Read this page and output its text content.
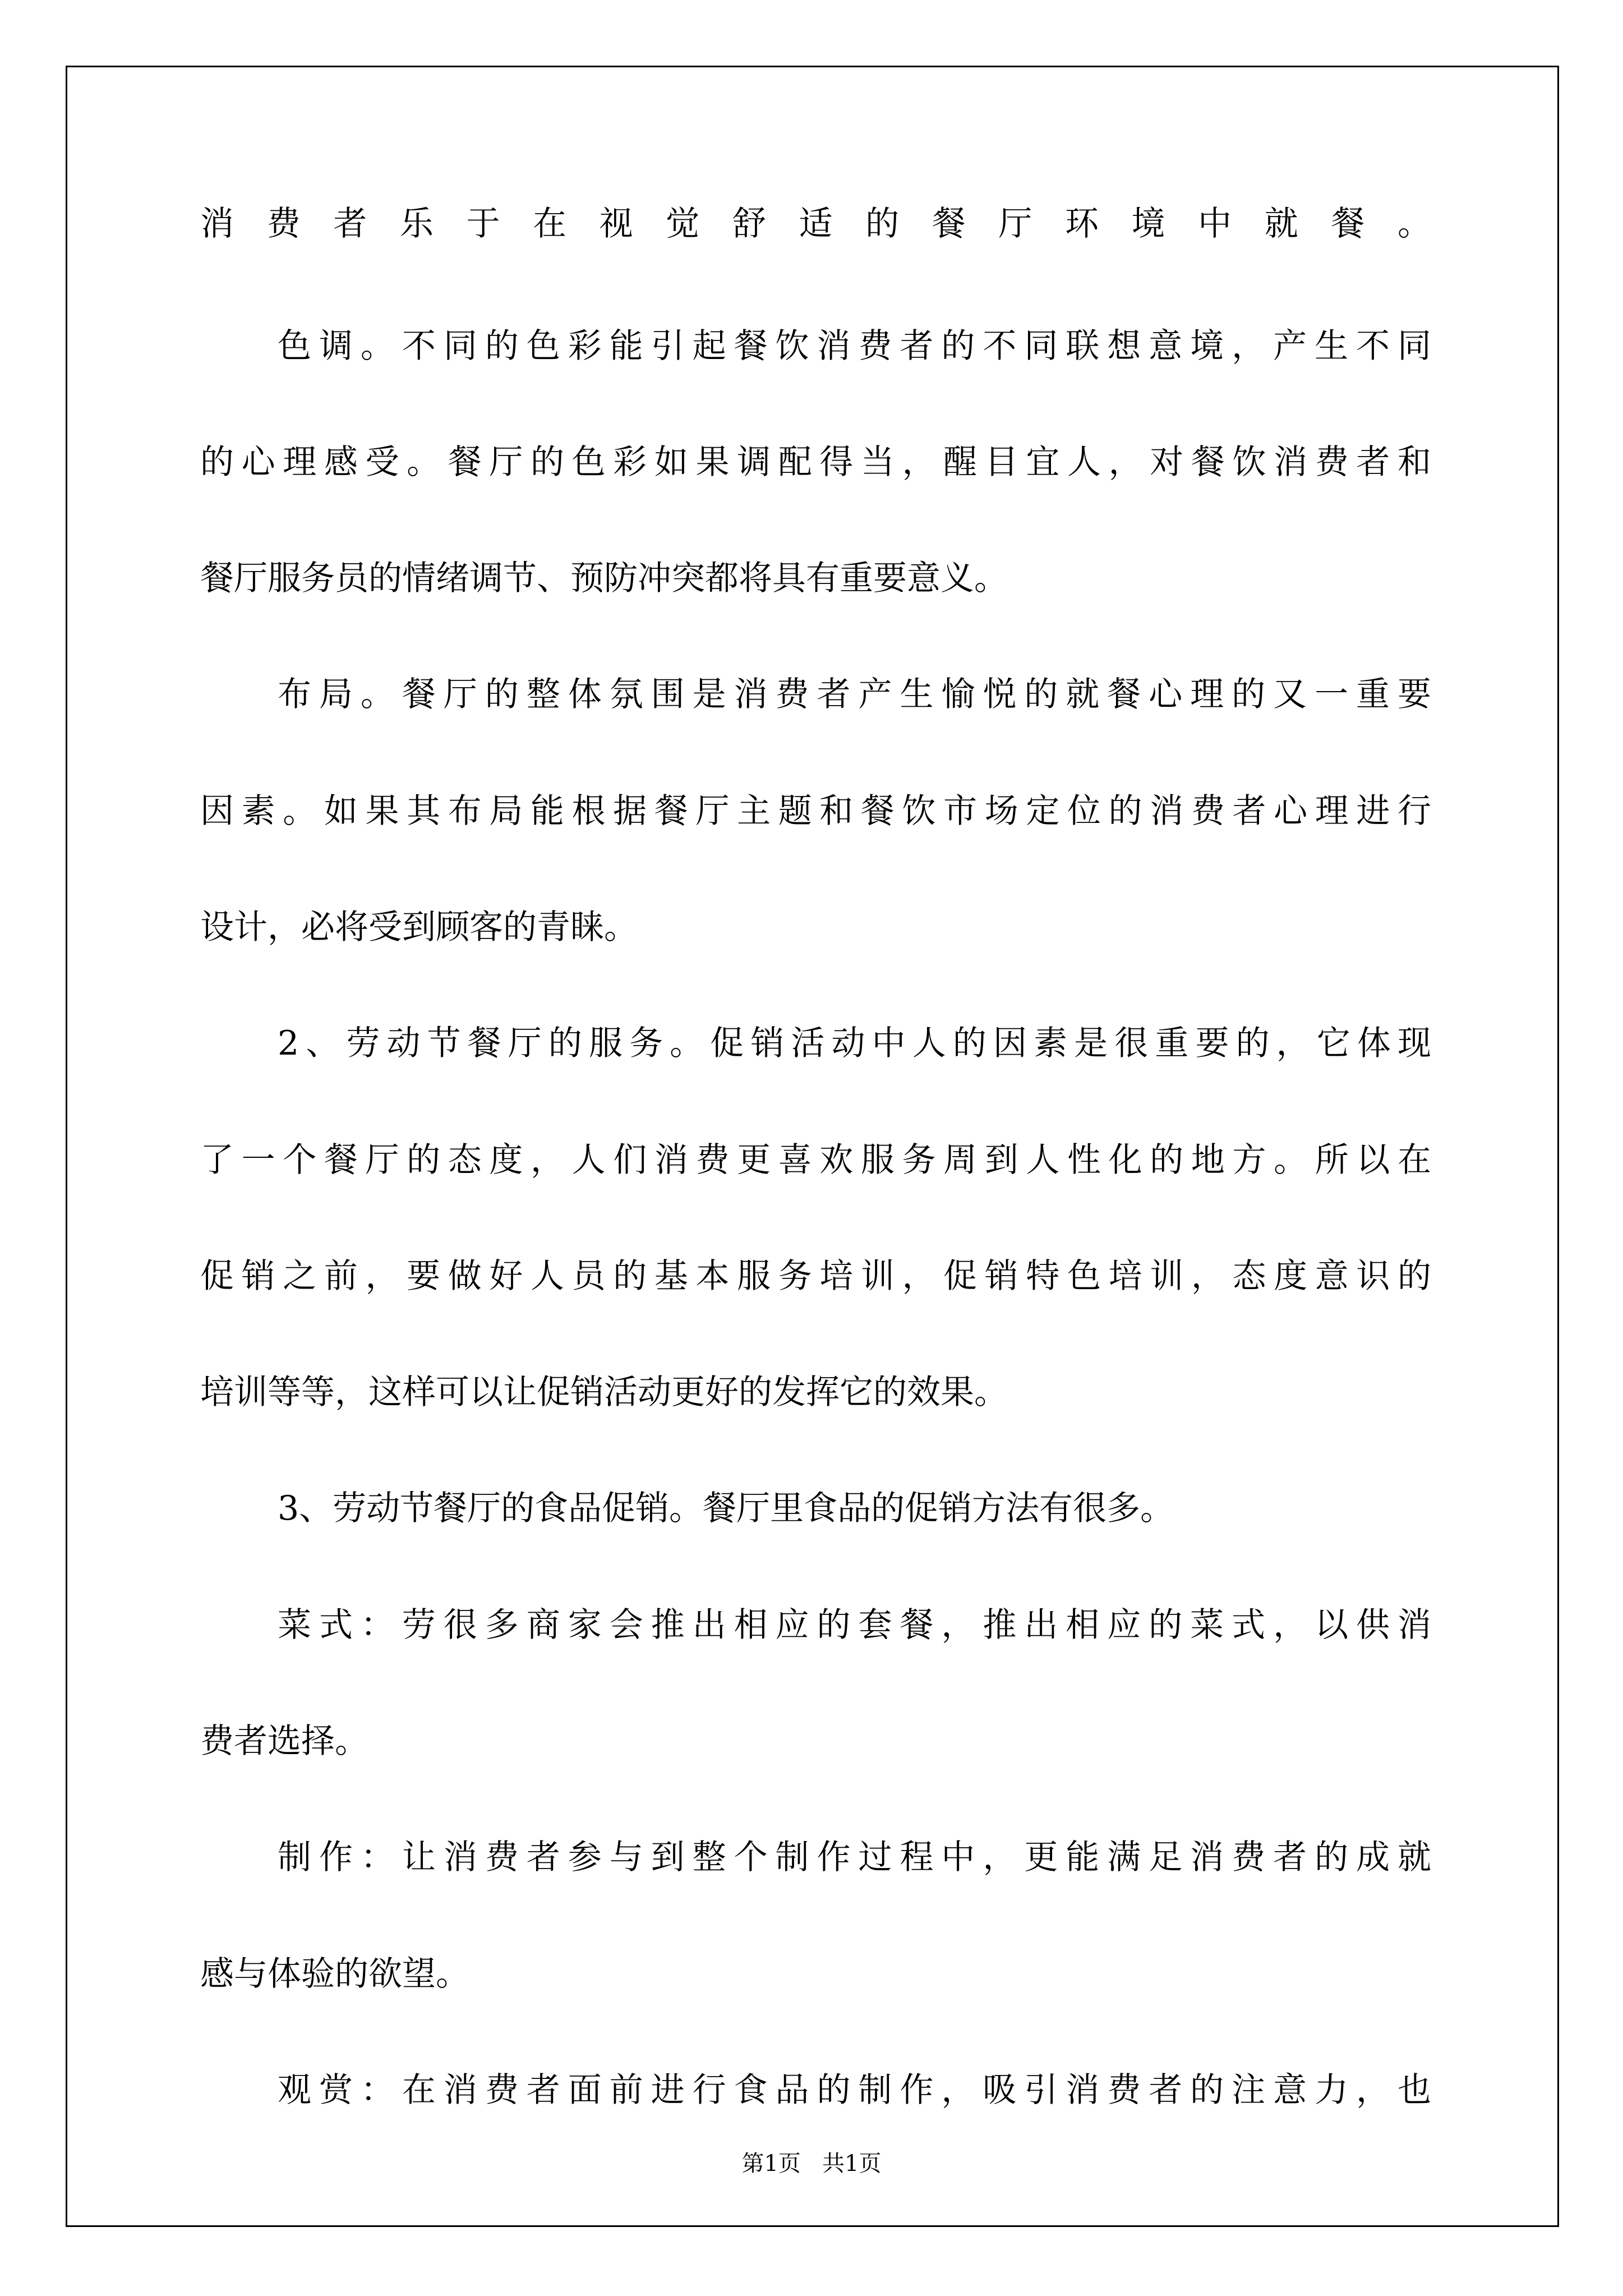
消费者乐于在视觉舒适的餐厅环境中就餐。
色调。不同的色彩能引起餐饮消费者的不同联想意境，产生不同
的心理感受。餐厅的色彩如果调配得当，醒目宜人，对餐饮消费者和
餐厅服务员的情绪调节、预防冲突都将具有重要意义。
布局。餐厅的整体氛围是消费者产生愉悦的就餐心理的又一重要
因素。如果其布局能根据餐厅主题和餐饮市场定位的消费者心理进行
设计，必将受到顾客的青睐。
2、劳动节餐厅的服务。促销活动中人的因素是很重要的，它体现
了一个餐厅的态度，人们消费更喜欢服务周到人性化的地方。所以在
促销之前，要做好人员的基本服务培训，促销特色培训，态度意识的
培训等等，这样可以让促销活动更好的发挥它的效果。
3、劳动节餐厅的食品促销。餐厅里食品的促销方法有很多。
菜式：劳很多商家会推出相应的套餐，推出相应的菜式，以供消
费者选择。
制作：让消费者参与到整个制作过程中，更能满足消费者的成就
感与体验的欲望。
观赏：在消费者面前进行食品的制作，吸引消费者的注意力，也
第1页   共1页
